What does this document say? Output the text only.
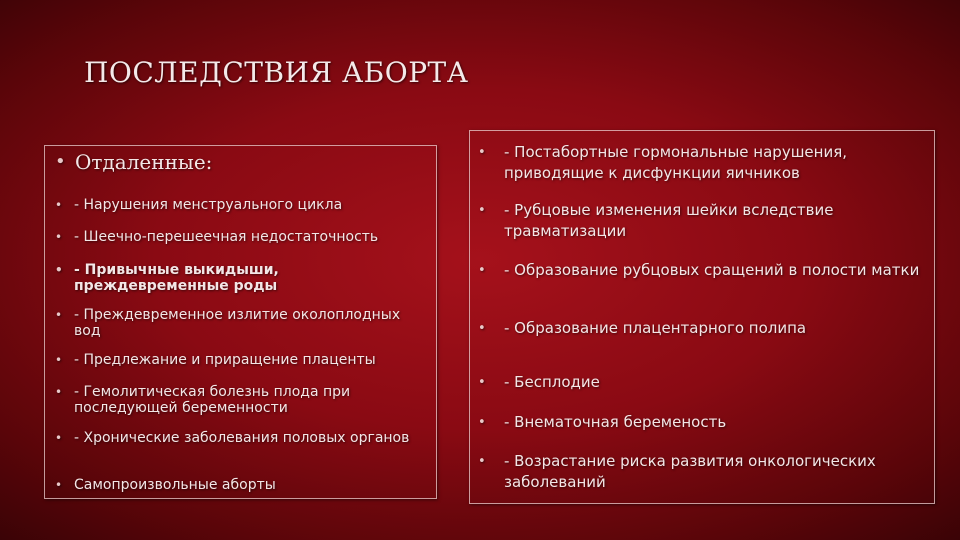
ПОСЛЕДСТВИЯ АБОРТА
• Отдаленные:
• - Нарушения менструального цикла
• - Шеечно-перешеечная недостаточность
• - Привычные выкидыши, преждевременные роды
• - Преждевременное излитие околоплодных вод
• - Предлежание и приращение плаценты
• - Гемолитическая болезнь плода при последующей беременности
• - Хронические заболевания половых органов
• Самопроизвольные аборты
•	- Постабортные гормональные нарушения, приводящие к дисфункции яичников
•	- Рубцовые изменения шейки вследствие травматизации
•	- Образование рубцовых сращений в полости матки
•	- Образование плацентарного полипа
•	- Бесплодие
•	- Внематочная беременость
•	- Возрастание риска развития онкологических заболеваний
